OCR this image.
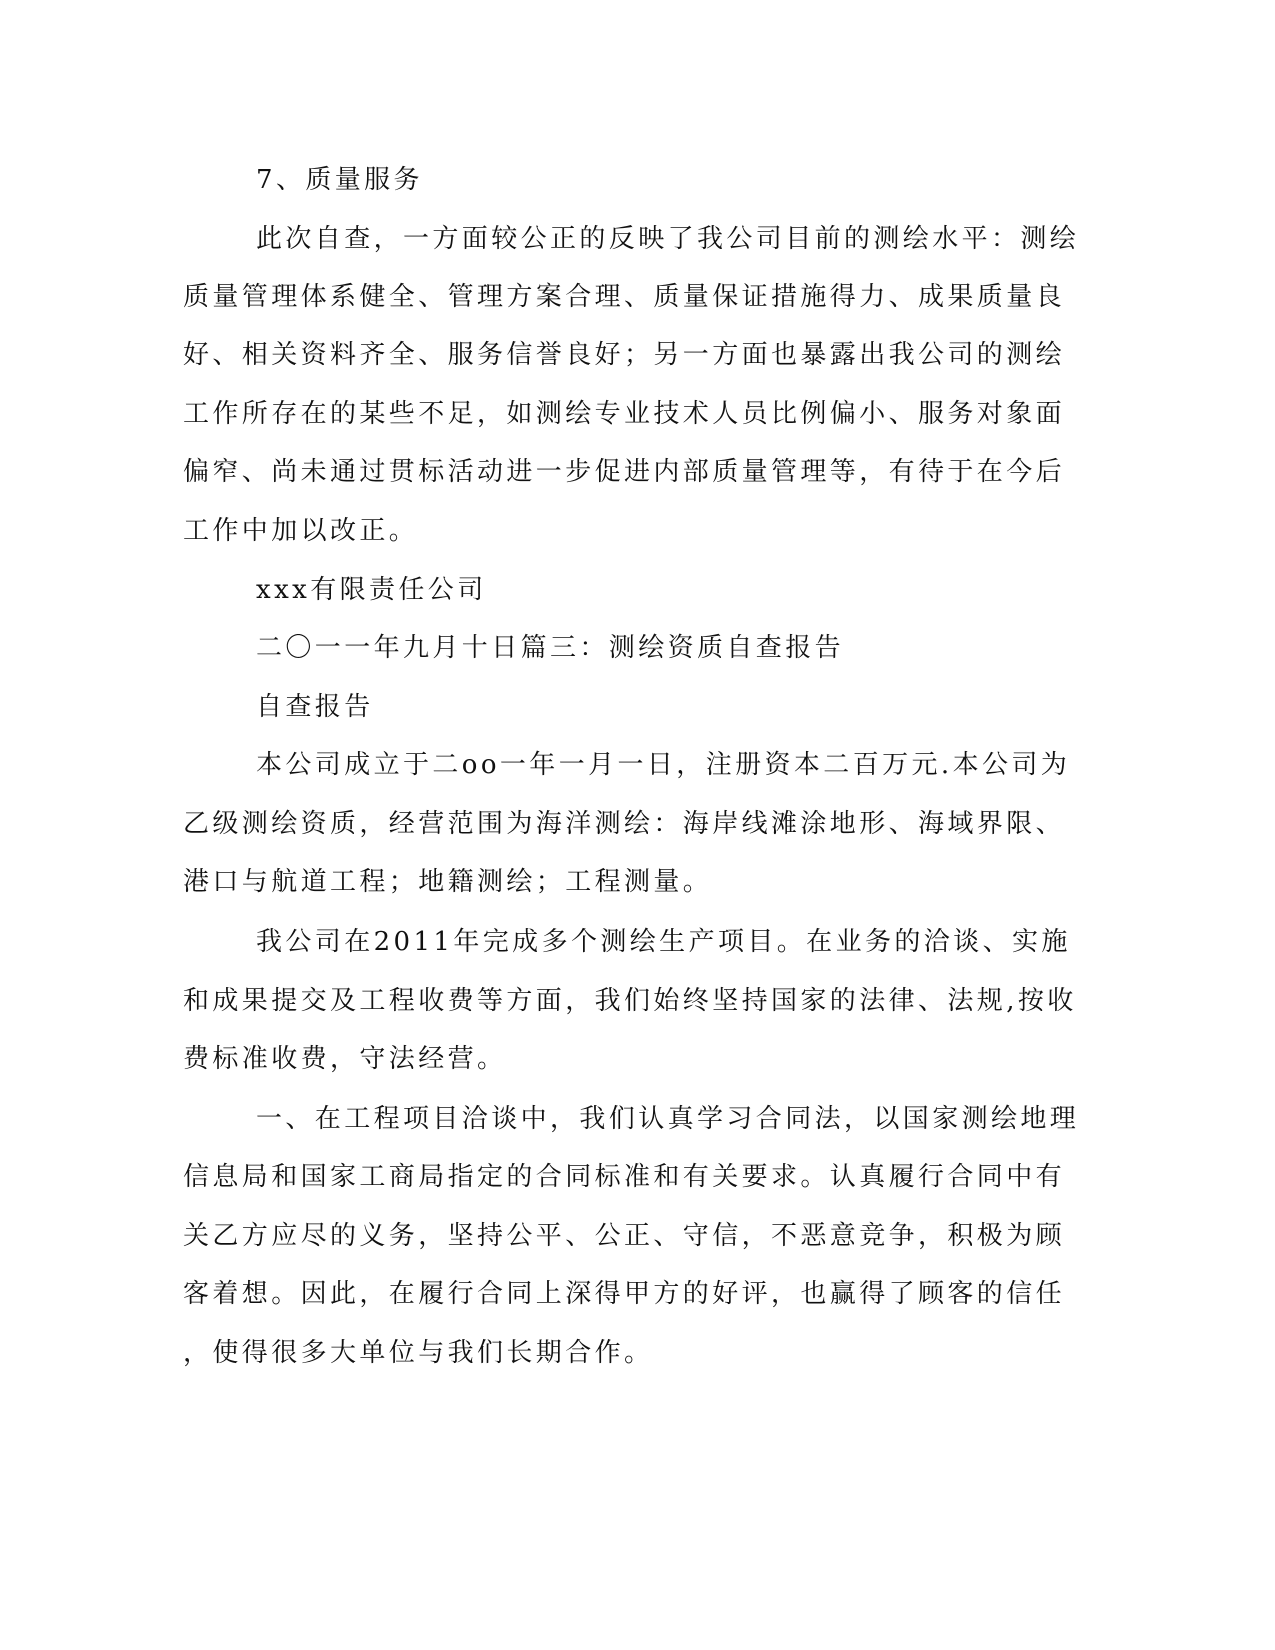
7、质量服务
此次自查，一方面较公正的反映了我公司目前的测绘水平：测绘
质量管理体系健全、管理方案合理、质量保证措施得力、成果质量良
好、相关资料齐全、服务信誉良好；另一方面也暴露出我公司的测绘
工作所存在的某些不足，如测绘专业技术人员比例偏小、服务对象面
偏窄、尚未通过贯标活动进一步促进内部质量管理等，有待于在今后
工作中加以改正。
xxx有限责任公司
二〇一一年九月十日篇三：测绘资质自查报告
自查报告
本公司成立于二oo一年一月一日，注册资本二百万元.本公司为
乙级测绘资质，经营范围为海洋测绘：海岸线滩涂地形、海域界限、
港口与航道工程；地籍测绘；工程测量。
我公司在2011年完成多个测绘生产项目。在业务的洽谈、实施
和成果提交及工程收费等方面，我们始终坚持国家的法律、法规,按收
费标准收费，守法经营。
一、在工程项目洽谈中，我们认真学习合同法，以国家测绘地理
信息局和国家工商局指定的合同标准和有关要求。认真履行合同中有
关乙方应尽的义务，坚持公平、公正、守信，不恶意竞争，积极为顾
客着想。因此，在履行合同上深得甲方的好评，也赢得了顾客的信任
，使得很多大单位与我们长期合作。
